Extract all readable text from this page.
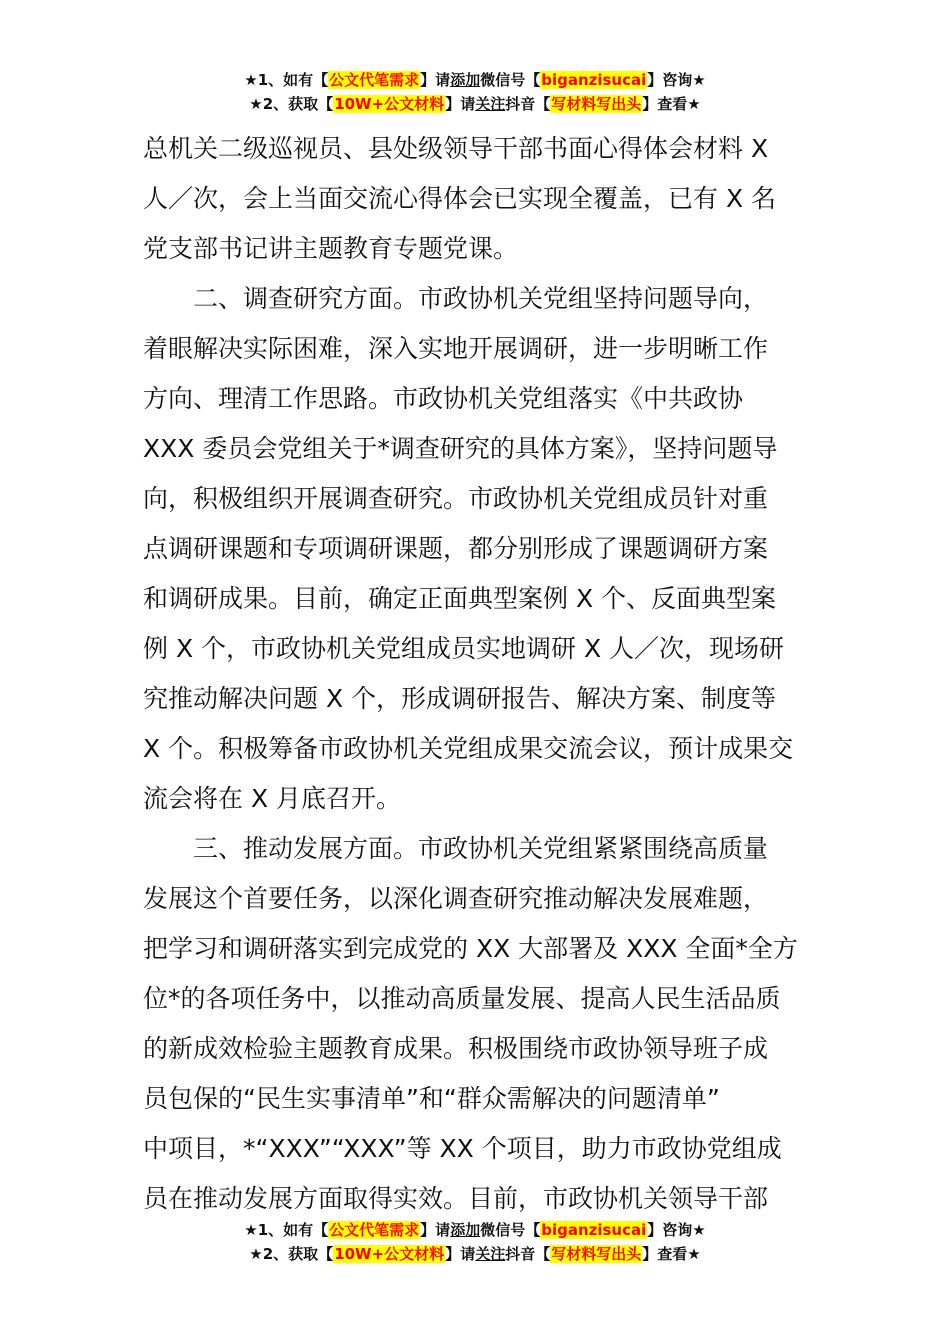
★1、如有【公文代笔需求】请添加微信号【biganzisucai】咨询★
★2、获取【10W+公文材料】请关注抖音【写材料写出头】查看★
总机关二级巡视员、县处级领导干部书面心得体会材料 X
人／次，会上当面交流心得体会已实现全覆盖，已有 X 名
党支部书记讲主题教育专题党课。
　　二、调查研究方面。市政协机关党组坚持问题导向，
着眼解决实际困难，深入实地开展调研，进一步明晰工作
方向、理清工作思路。市政协机关党组落实《中共政协
XXX 委员会党组关于*调查研究的具体方案》，坚持问题导
向，积极组织开展调查研究。市政协机关党组成员针对重
点调研课题和专项调研课题，都分别形成了课题调研方案
和调研成果。目前，确定正面典型案例 X 个、反面典型案
例 X 个，市政协机关党组成员实地调研 X 人／次，现场研
究推动解决问题 X 个，形成调研报告、解决方案、制度等
X 个。积极筹备市政协机关党组成果交流会议，预计成果交
流会将在 X 月底召开。
　　三、推动发展方面。市政协机关党组紧紧围绕高质量
发展这个首要任务，以深化调查研究推动解决发展难题，
把学习和调研落实到完成党的 XX 大部署及 XXX 全面*全方
位*的各项任务中，以推动高质量发展、提高人民生活品质
的新成效检验主题教育成果。积极围绕市政协领导班子成
员包保的“民生实事清单”和“群众需解决的问题清单”
中项目，*“XXX”“XXX”等 XX 个项目，助力市政协党组成
员在推动发展方面取得实效。目前，市政协机关领导干部
★1、如有【公文代笔需求】请添加微信号【biganzisucai】咨询★
★2、获取【10W+公文材料】请关注抖音【写材料写出头】查看★
